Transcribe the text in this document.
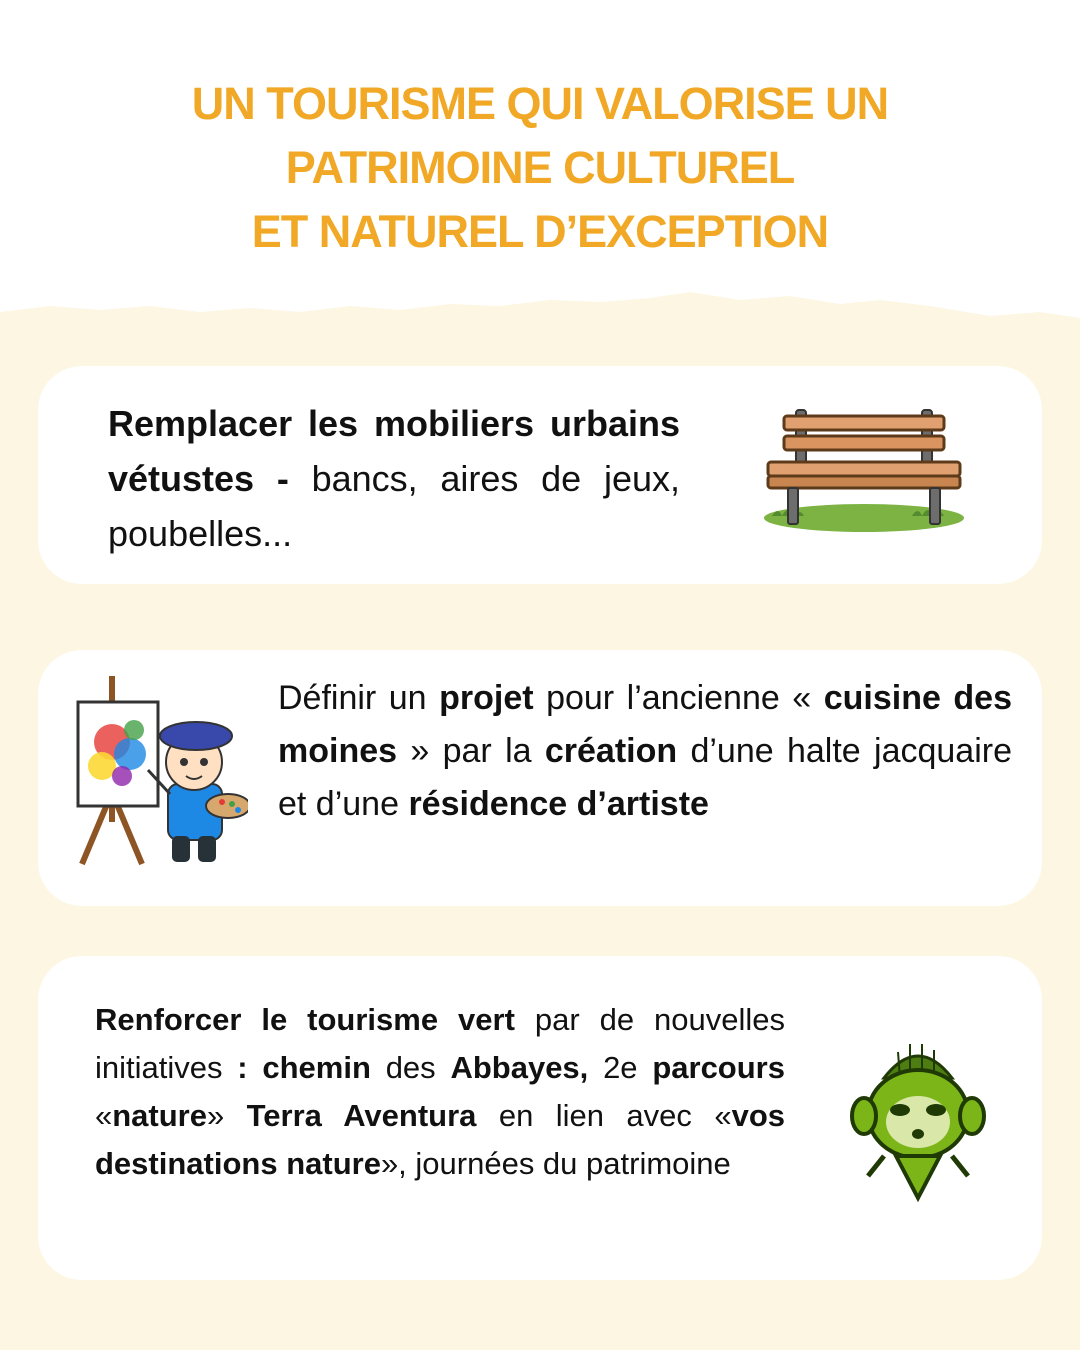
UN TOURISME QUI VALORISE UN
PATRIMOINE CULTUREL
ET NATUREL D’EXCEPTION

Remplacer les mobiliers urbains vétustes - bancs, aires de jeux, poubelles...

Définir un projet pour l’ancienne « cuisine des moines » par la création d’une halte jacquaire et d’une résidence d’artiste

Renforcer le tourisme vert par de nouvelles initiatives : chemin des Abbayes, 2e parcours «nature» Terra Aventura en lien avec «vos destinations nature», journées du patrimoine
